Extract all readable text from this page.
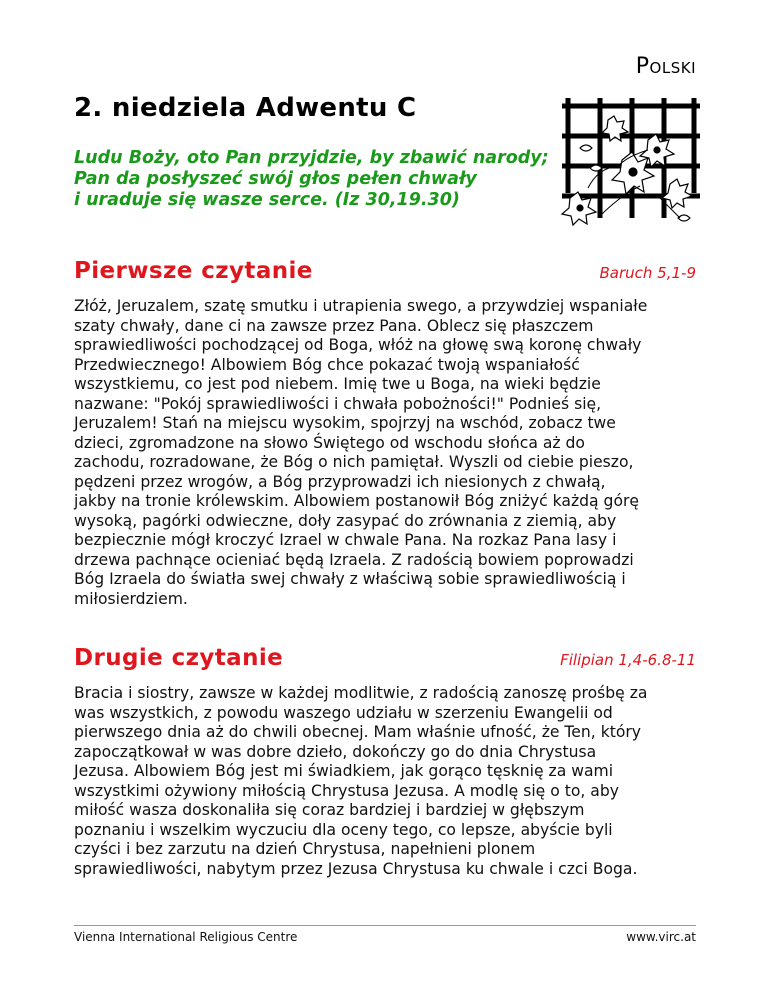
Polski
2. niedziela Adwentu C
Ludu Boży, oto Pan przyjdzie, by zbawić narody;
Pan da posłyszeć swój głos pełen chwały
i uraduje się wasze serce. (Iz 30,19.30)
Pierwsze czytanie	Baruch 5,1-9
Złóż, Jeruzalem, szatę smutku i utrapienia swego, a przywdziej wspaniałe
szaty chwały, dane ci na zawsze przez Pana. Oblecz się płaszczem
sprawiedliwości pochodzącej od Boga, włóż na głowę swą koronę chwały
Przedwiecznego! Albowiem Bóg chce pokazać twoją wspaniałość
wszystkiemu, co jest pod niebem. Imię twe u Boga, na wieki będzie
nazwane: "Pokój sprawiedliwości i chwała pobożności!" Podnieś się,
Jeruzalem! Stań na miejscu wysokim, spojrzyj na wschód, zobacz twe
dzieci, zgromadzone na słowo Świętego od wschodu słońca aż do
zachodu, rozradowane, że Bóg o nich pamiętał. Wyszli od ciebie pieszo,
pędzeni przez wrogów, a Bóg przyprowadzi ich niesionych z chwałą,
jakby na tronie królewskim. Albowiem postanowił Bóg zniżyć każdą górę
wysoką, pagórki odwieczne, doły zasypać do zrównania z ziemią, aby
bezpiecznie mógł kroczyć Izrael w chwale Pana. Na rozkaz Pana lasy i
drzewa pachnące ocieniać będą Izraela. Z radością bowiem poprowadzi
Bóg Izraela do światła swej chwały z właściwą sobie sprawiedliwością i
miłosierdziem.
Drugie czytanie	Filipian 1,4-6.8-11
Bracia i siostry, zawsze w każdej modlitwie, z radością zanoszę prośbę za
was wszystkich, z powodu waszego udziału w szerzeniu Ewangelii od
pierwszego dnia aż do chwili obecnej. Mam właśnie ufność, że Ten, który
zapoczątkował w was dobre dzieło, dokończy go do dnia Chrystusa
Jezusa. Albowiem Bóg jest mi świadkiem, jak gorąco tęsknię za wami
wszystkimi ożywiony miłością Chrystusa Jezusa. A modlę się o to, aby
miłość wasza doskonaliła się coraz bardziej i bardziej w głębszym
poznaniu i wszelkim wyczuciu dla oceny tego, co lepsze, abyście byli
czyści i bez zarzutu na dzień Chrystusa, napełnieni plonem
sprawiedliwości, nabytym przez Jezusa Chrystusa ku chwale i czci Boga.
Vienna International Religious Centre	www.virc.at
